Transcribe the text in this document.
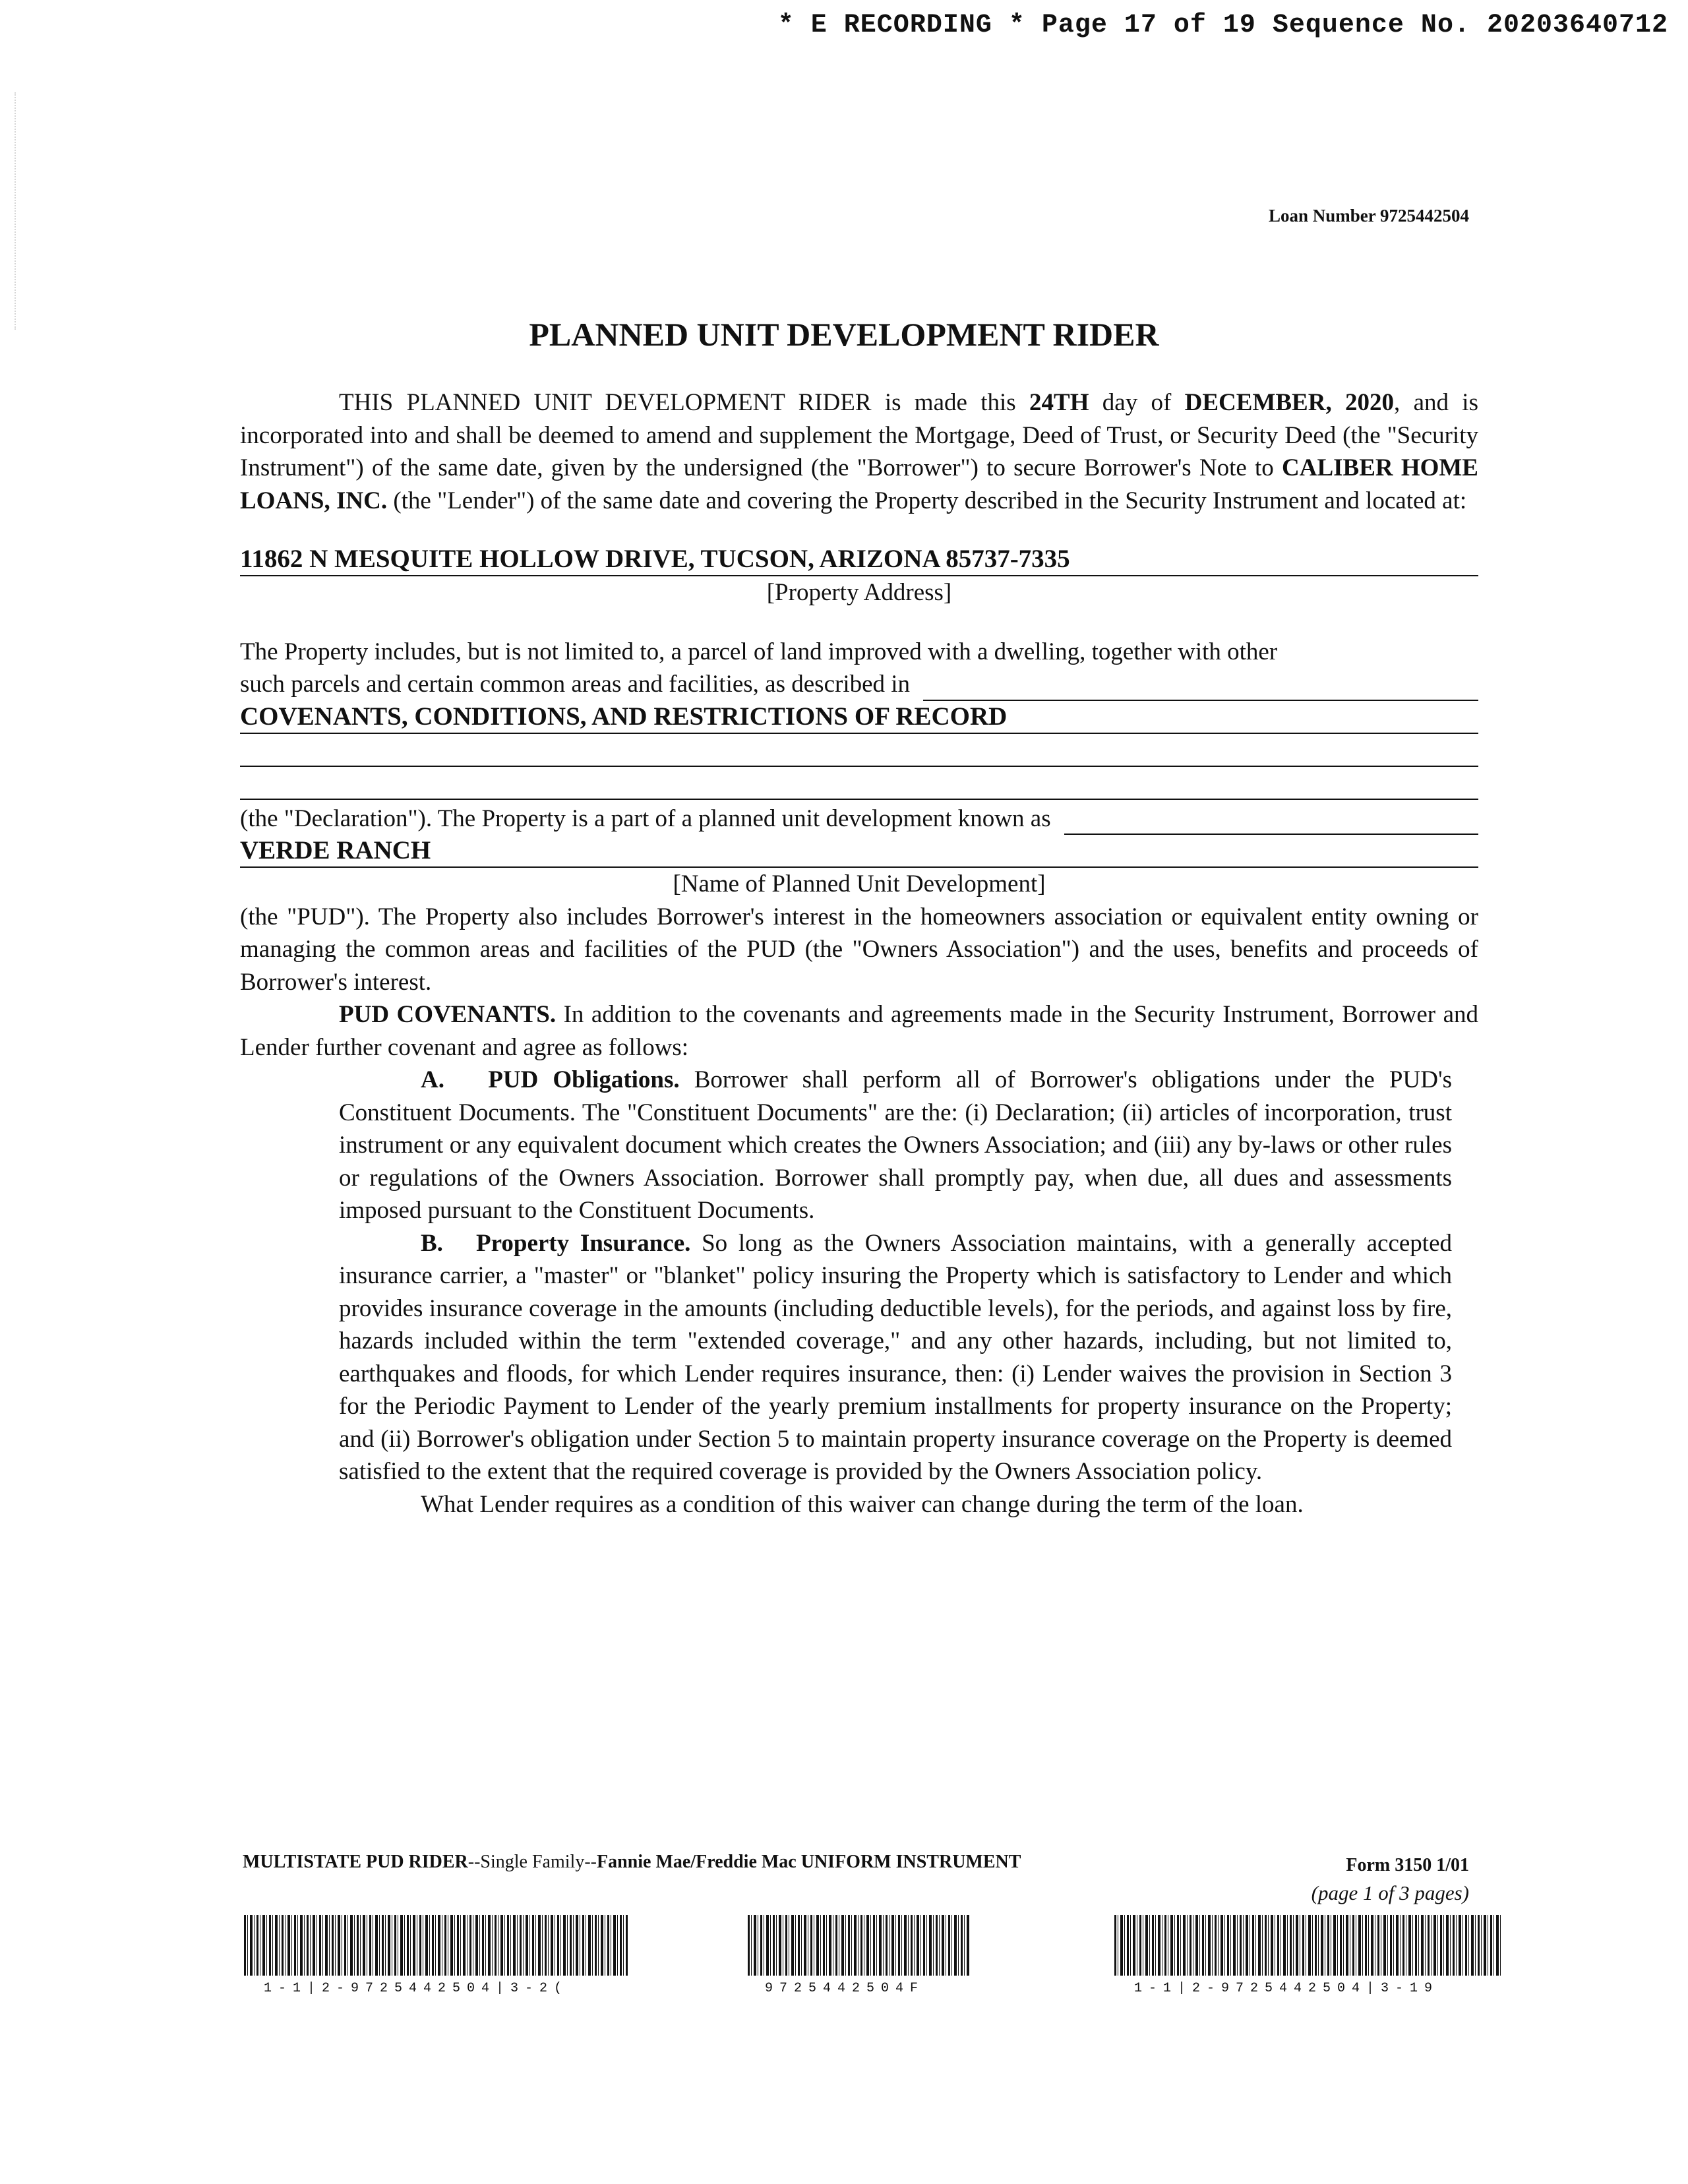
* E RECORDING * Page 17 of 19 Sequence No. 20203640712
Loan Number 9725442504
PLANNED UNIT DEVELOPMENT RIDER

THIS PLANNED UNIT DEVELOPMENT RIDER is made this 24TH day of DECEMBER, 2020, and is incorporated into and shall be deemed to amend and supplement the Mortgage, Deed of Trust, or Security Deed (the "Security Instrument") of the same date, given by the undersigned (the "Borrower") to secure Borrower's Note to CALIBER HOME LOANS, INC. (the "Lender") of the same date and covering the Property described in the Security Instrument and located at:

11862 N MESQUITE HOLLOW DRIVE, TUCSON, ARIZONA 85737-7335
[Property Address]

The Property includes, but is not limited to, a parcel of land improved with a dwelling, together with other

such parcels and certain common areas and facilities, as described in
COVENANTS, CONDITIONS, AND RESTRICTIONS OF RECORD
(the "Declaration"). The Property is a part of a planned unit development known as
VERDE RANCH
[Name of Planned Unit Development]

(the "PUD"). The Property also includes Borrower's interest in the homeowners association or equivalent entity owning or managing the common areas and facilities of the PUD (the "Owners Association") and the uses, benefits and proceeds of Borrower's interest.

PUD COVENANTS. In addition to the covenants and agreements made in the Security Instrument, Borrower and Lender further covenant and agree as follows:

A. PUD Obligations. Borrower shall perform all of Borrower's obligations under the PUD's Constituent Documents. The "Constituent Documents" are the: (i) Declaration; (ii) articles of incorporation, trust instrument or any equivalent document which creates the Owners Association; and (iii) any by-laws or other rules or regulations of the Owners Association. Borrower shall promptly pay, when due, all dues and assessments imposed pursuant to the Constituent Documents.

B. Property Insurance. So long as the Owners Association maintains, with a generally accepted insurance carrier, a "master" or "blanket" policy insuring the Property which is satisfactory to Lender and which provides insurance coverage in the amounts (including deductible levels), for the periods, and against loss by fire, hazards included within the term "extended coverage," and any other hazards, including, but not limited to, earthquakes and floods, for which Lender requires insurance, then: (i) Lender waives the provision in Section 3 for the Periodic Payment to Lender of the yearly premium installments for property insurance on the Property; and (ii) Borrower's obligation under Section 5 to maintain property insurance coverage on the Property is deemed satisfied to the extent that the required coverage is provided by the Owners Association policy.

What Lender requires as a condition of this waiver can change during the term of the loan.

MULTISTATE PUD RIDER--Single Family--Fannie Mae/Freddie Mac UNIFORM INSTRUMENT	Form 3150 1/01
(page 1 of 3 pages)
1-1|2-9725442504|3-2(	9725442504F	1-1|2-9725442504|3-19
